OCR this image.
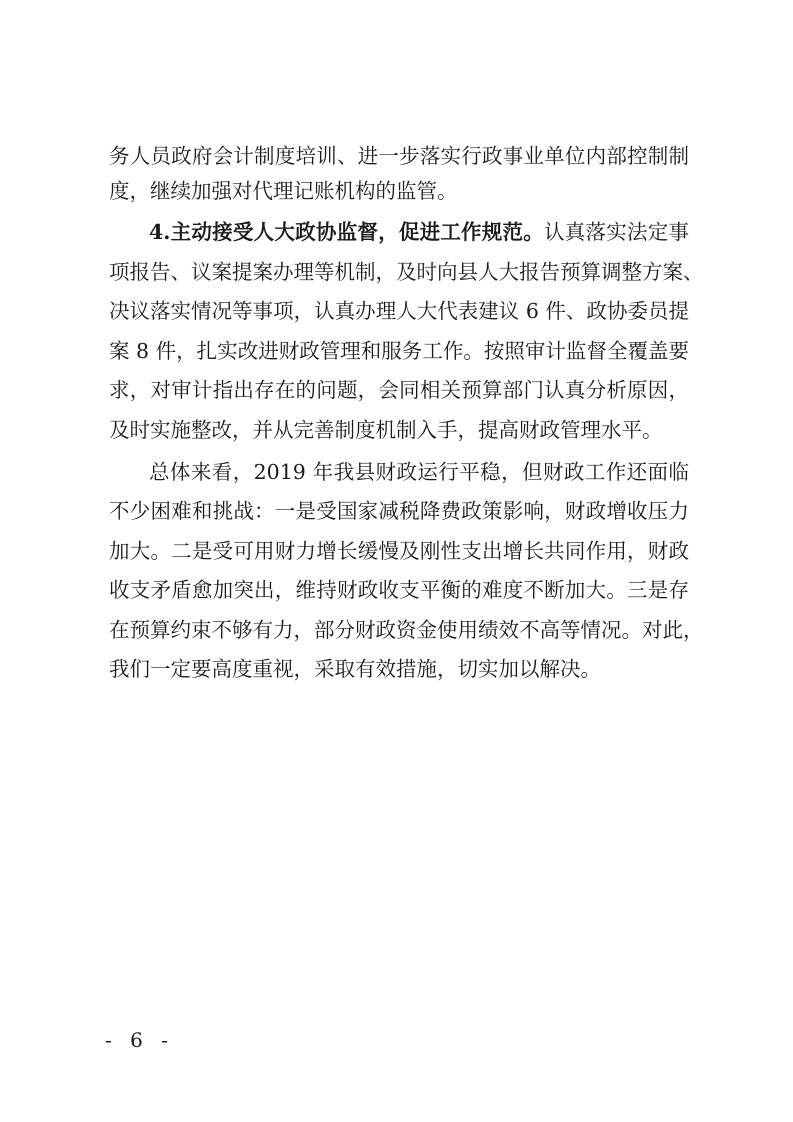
务人员政府会计制度培训、进一步落实行政事业单位内部控制制
度，继续加强对代理记账机构的监管。
4.主动接受人大政协监督，促进工作规范。认真落实法定事
项报告、议案提案办理等机制，及时向县人大报告预算调整方案、
决议落实情况等事项，认真办理人大代表建议 6 件、政协委员提
案 8 件，扎实改进财政管理和服务工作。按照审计监督全覆盖要
求，对审计指出存在的问题，会同相关预算部门认真分析原因，
及时实施整改，并从完善制度机制入手，提高财政管理水平。
总体来看，2019 年我县财政运行平稳，但财政工作还面临
不少困难和挑战：一是受国家减税降费政策影响，财政增收压力
加大。二是受可用财力增长缓慢及刚性支出增长共同作用，财政
收支矛盾愈加突出，维持财政收支平衡的难度不断加大。三是存
在预算约束不够有力，部分财政资金使用绩效不高等情况。对此，
我们一定要高度重视，采取有效措施，切实加以解决。
- 6 -
